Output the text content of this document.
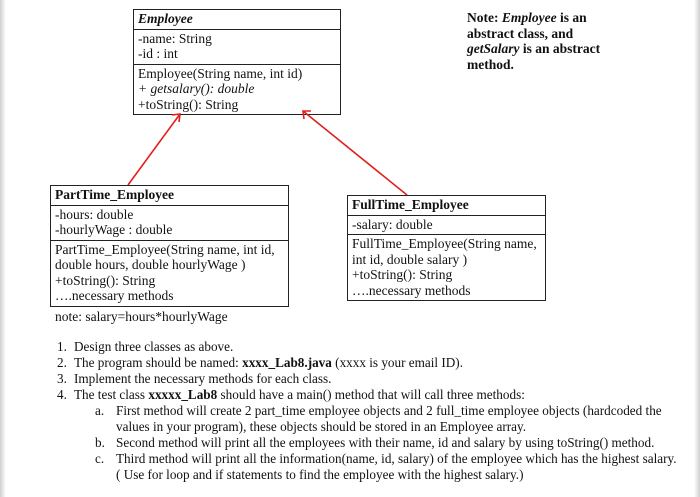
Employee
-name: String
-id : int
Employee(String name, int id)
+ getsalary(): double
+toString(): String
Note: Employee is an abstract class, and getSalary is an abstract method.
PartTime_Employee
-hours: double
-hourlyWage : double
PartTime_Employee(String name, int id,
double hours, double hourlyWage )
+toString(): String
….necessary methods
note: salary=hours*hourlyWage
FullTime_Employee
-salary: double
FullTime_Employee(String name,
int id, double salary )
+toString(): String
….necessary methods
1. Design three classes as above.
2. The program should be named: xxxx_Lab8.java (xxxx is your email ID).
3. Implement the necessary methods for each class.
4. The test class xxxxx_Lab8 should have a main() method that will call three methods:
a. First method will create 2 part_time employee objects and 2 full_time employee objects (hardcoded the values in your program), these objects should be stored in an Employee array.
b. Second method will print all the employees with their name, id and salary by using toString() method.
c. Third method will print all the information(name, id, salary) of the employee which has the highest salary. ( Use for loop and if statements to find the employee with the highest salary.)
